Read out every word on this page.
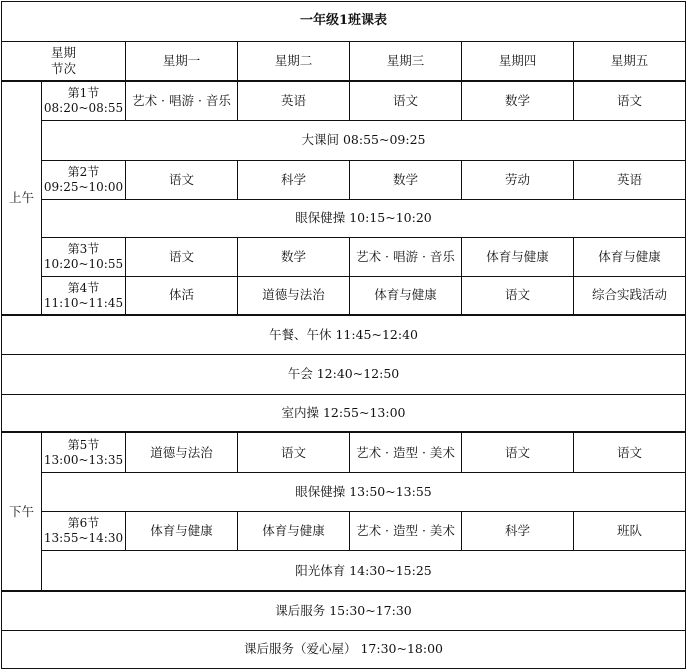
一年级1班课表						

星期
节次		星期一	星期二	星期三	星期四	星期五
上午	第1节
08:20~08:55	艺术 · 唱游 · 音乐	英语	语文	数学	语文
	大课间 08:55~09:25					

	第2节
09:25~10:00	语文	科学	数学	劳动	英语
	眼保健操 10:15~10:20					

	第3节
10:20~10:55	语文	数学	艺术 · 唱游 · 音乐	体育与健康	体育与健康

	第4节
11:10~11:45	体活	道德与法治	体育与健康	语文	综合实践活动
午餐、午休 11:45~12:40						
午会 12:40~12:50						
室内操 12:55~13:00						
下午	第5节
13:00~13:35	道德与法治	语文	艺术 · 造型 · 美术	语文	语文
	眼保健操 13:50~13:55					

	第6节
13:55~14:30	体育与健康	体育与健康	艺术 · 造型 · 美术	科学	班队
	阳光体育 14:30~15:25					
课后服务 15:30~17:30						
课后服务（爱心屋） 17:30~18:00						
